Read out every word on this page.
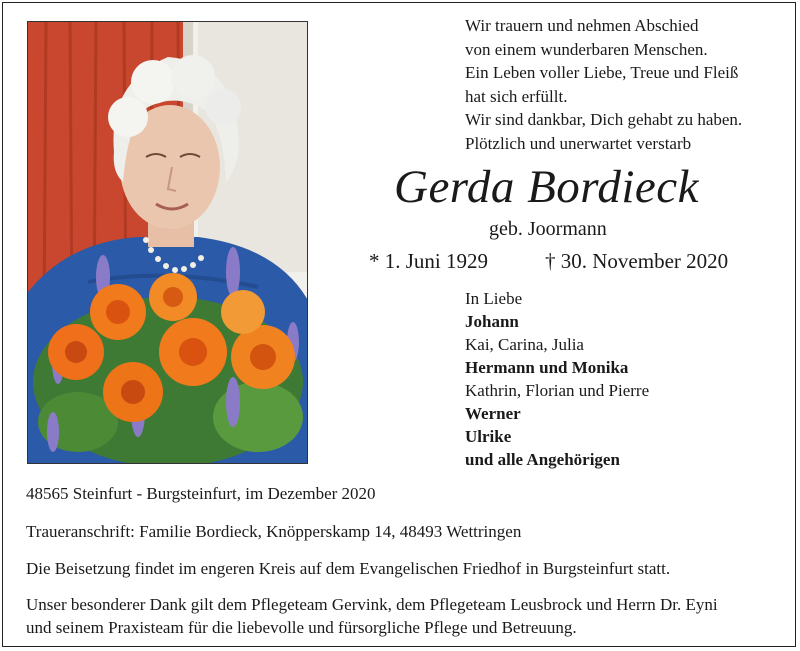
Wir trauern und nehmen Abschied
von einem wunderbaren Menschen.
Ein Leben voller Liebe, Treue und Fleiß
hat sich erfüllt.
Wir sind dankbar, Dich gehabt zu haben.
Plötzlich und unerwartet verstarb
Gerda Bordieck
geb. Joormann
* 1. Juni 1929	† 30. November 2020
In Liebe
Johann
Kai, Carina, Julia
Hermann und Monika
Kathrin, Florian und Pierre
Werner
Ulrike
und alle Angehörigen
48565 Steinfurt - Burgsteinfurt, im Dezember 2020
Traueranschrift: Familie Bordieck, Knöpperskamp 14, 48493 Wettringen
Die Beisetzung findet im engeren Kreis auf dem Evangelischen Friedhof in Burgsteinfurt statt.
Unser besonderer Dank gilt dem Pflegeteam Gervink, dem Pflegeteam Leusbrock und Herrn Dr. Eyni
und seinem Praxisteam für die liebevolle und fürsorgliche Pflege und Betreuung.
